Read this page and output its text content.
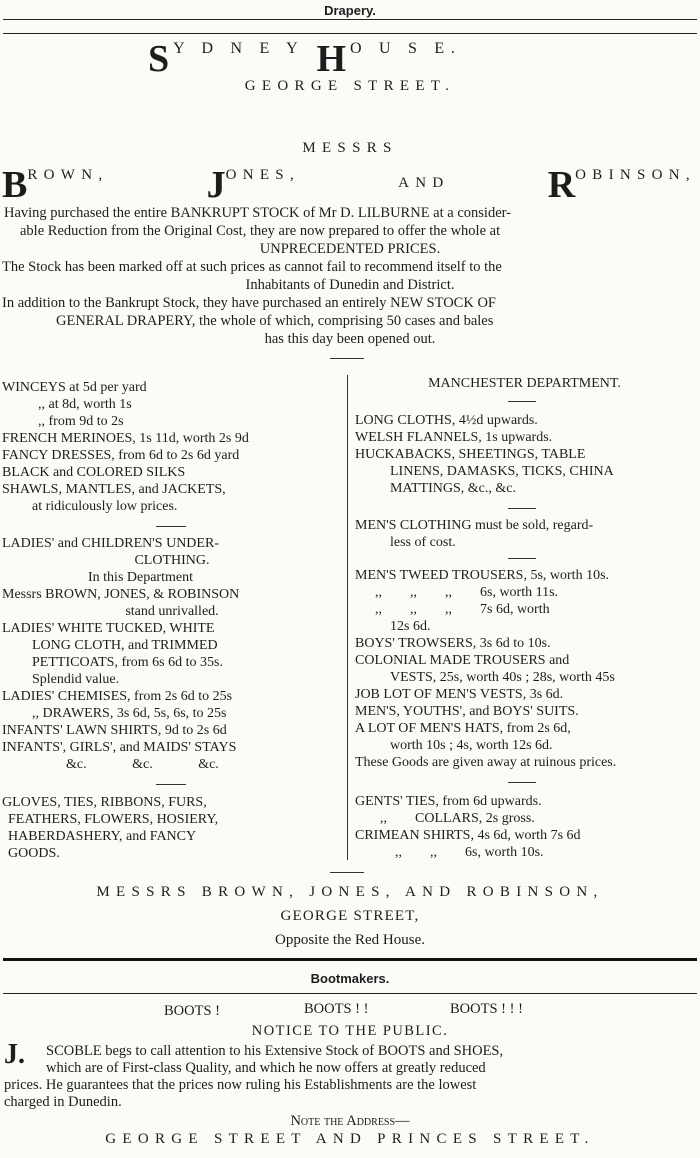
Drapery.
S Y D N E Y H O U S E.
GEORGE STREET.
MESSRS
BROWN,	JONES,	AND	ROBINSON,
Having purchased the entire BANKRUPT STOCK of Mr D. LILBURNE at a consider-
able Reduction from the Original Cost, they are now prepared to offer the whole at
UNPRECEDENTED PRICES.
The Stock has been marked off at such prices as cannot fail to recommend itself to the
Inhabitants of Dunedin and District.
In addition to the Bankrupt Stock, they have purchased an entirely NEW STOCK OF
GENERAL DRAPERY, the whole of which, comprising 50 cases and bales
has this day been opened out.
WINCEYS at 5d per yard
,, at 8d, worth 1s
,, from 9d to 2s
FRENCH MERINOES, 1s 11d, worth 2s 9d
FANCY DRESSES, from 6d to 2s 6d yard
BLACK and COLORED SILKS
SHAWLS, MANTLES, and JACKETS,
at ridiculously low prices.
LADIES' and CHILDREN'S UNDER-
CLOTHING.
In this Department
Messrs BROWN, JONES, & ROBINSON
stand unrivalled.
LADIES' WHITE TUCKED, WHITE
LONG CLOTH, and TRIMMED
PETTICOATS, from 6s 6d to 35s.
Splendid value.
LADIES' CHEMISES, from 2s 6d to 25s
,, DRAWERS, 3s 6d, 5s, 6s, to 25s
INFANTS' LAWN SHIRTS, 9d to 2s 6d
INFANTS', GIRLS', and MAIDS' STAYS
&c.             &c.             &c.
GLOVES, TIES, RIBBONS, FURS,
FEATHERS, FLOWERS, HOSIERY,
HABERDASHERY, and FANCY
GOODS.
MANCHESTER DEPARTMENT.
LONG CLOTHS, 4½d upwards.
WELSH FLANNELS, 1s upwards.
HUCKABACKS, SHEETINGS, TABLE
LINENS, DAMASKS, TICKS, CHINA
MATTINGS, &c., &c.
MEN'S CLOTHING must be sold, regard-
less of cost.
MEN'S TWEED TROUSERS, 5s, worth 10s.
,,        ,,        ,,        6s, worth 11s.
,,        ,,        ,,        7s 6d, worth
12s 6d.
BOYS' TROWSERS, 3s 6d to 10s.
COLONIAL MADE TROUSERS and
VESTS, 25s, worth 40s ; 28s, worth 45s
JOB LOT OF MEN'S VESTS, 3s 6d.
MEN'S, YOUTHS', and BOYS' SUITS.
A LOT OF MEN'S HATS, from 2s 6d,
worth 10s ; 4s, worth 12s 6d.
These Goods are given away at ruinous prices.
GENTS' TIES, from 6d upwards.
,,        COLLARS, 2s gross.
CRIMEAN SHIRTS, 4s 6d, worth 7s 6d
,,        ,,        6s, worth 10s.
MESSRS BROWN, JONES, AND ROBINSON,
GEORGE STREET,
Opposite the Red House.
Bootmakers.
BOOTS !	BOOTS ! !	BOOTS ! ! !
NOTICE TO THE PUBLIC.
J. SCOBLE begs to call attention to his Extensive Stock of BOOTS and SHOES,
which are of First-class Quality, and which he now offers at greatly reduced
prices. He guarantees that the prices now ruling his Establishments are the lowest
charged in Dunedin.
Note the Address—
GEORGE STREET AND PRINCES STREET.
